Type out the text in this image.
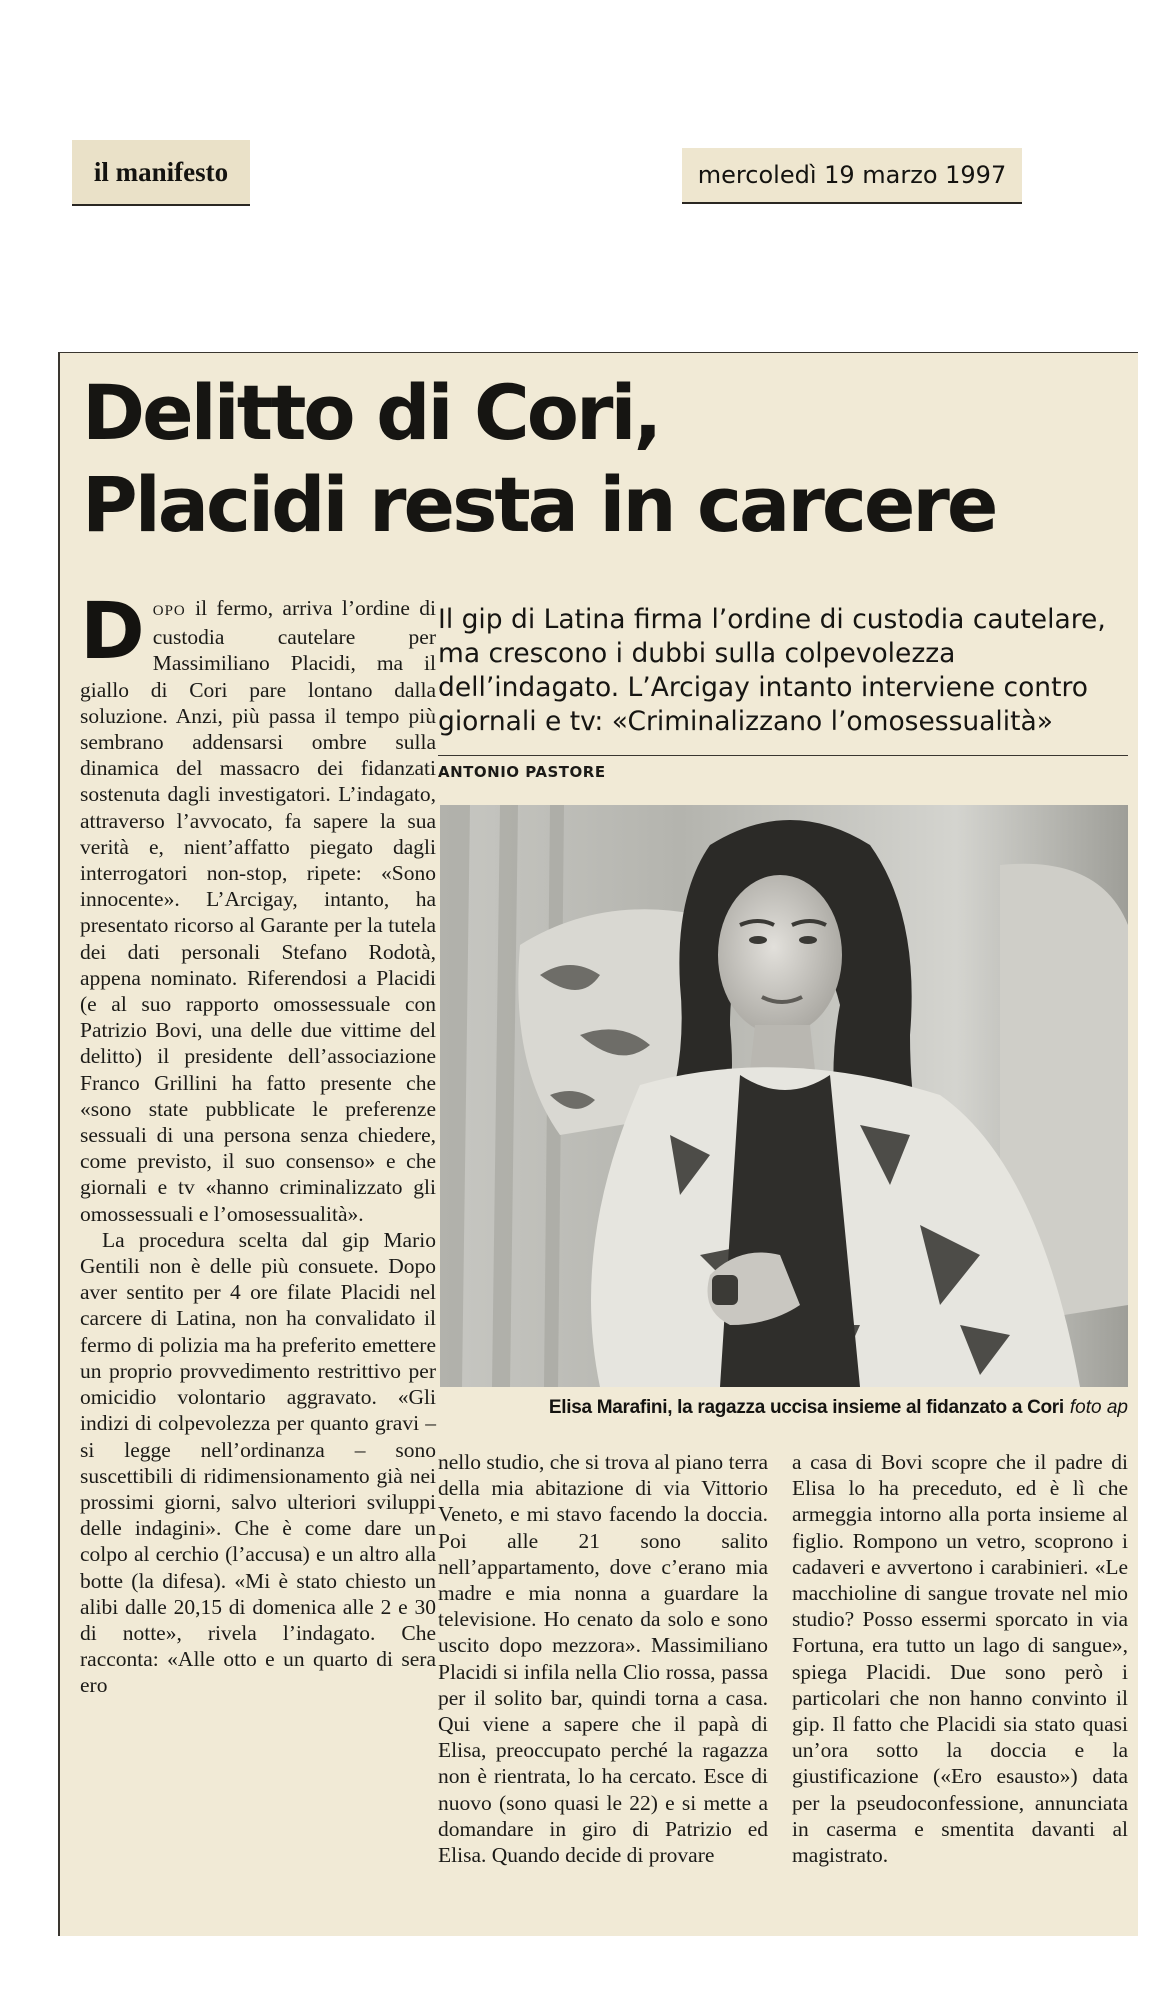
il manifesto	mercoledì 19 marzo 1997
Delitto di Cori,
Placidi resta in carcere

DOPO il fermo, arriva l’ordine di custodia cautelare per Massimiliano Placidi, ma il giallo di Cori pare lontano dalla soluzione. Anzi, più passa il tempo più sembrano addensarsi ombre sulla dinamica del massacro dei fidanzati sostenuta dagli investigatori. L’indagato, attraverso l’avvocato, fa sapere la sua verità e, nient’affatto piegato dagli interrogatori non-stop, ripete: «Sono innocente». L’Arcigay, intanto, ha presentato ricorso al Garante per la tutela dei dati personali Stefano Rodotà, appena nominato. Riferendosi a Placidi (e al suo rapporto omossessuale con Patrizio Bovi, una delle due vittime del delitto) il presidente dell’associazione Franco Grillini ha fatto presente che «sono state pubblicate le preferenze sessuali di una persona senza chiedere, come previsto, il suo consenso» e che giornali e tv «hanno criminalizzato gli omossessuali e l’omosessualità».

La procedura scelta dal gip Mario Gentili non è delle più consuete. Dopo aver sentito per 4 ore filate Placidi nel carcere di Latina, non ha convalidato il fermo di polizia ma ha preferito emettere un proprio provvedimento restrittivo per omicidio volontario aggravato. «Gli indizi di colpevolezza per quanto gravi – si legge nell’ordinanza – sono suscettibili di ridimensionamento già nei prossimi giorni, salvo ulteriori sviluppi delle indagini». Che è come dare un colpo al cerchio (l’accusa) e un altro alla botte (la difesa). «Mi è stato chiesto un alibi dalle 20,15 di domenica alle 2 e 30 di notte», rivela l’indagato. Che racconta: «Alle otto e un quarto di sera ero

Il gip di Latina firma l’ordine di custodia cautelare, ma crescono i dubbi sulla colpevolezza dell’indagato. L’Arcigay intanto interviene contro giornali e tv: «Criminalizzano l’omosessualità»

ANTONIO PASTORE
Elisa Marafini, la ragazza uccisa insieme al fidanzato a Cori foto ap

nello studio, che si trova al piano terra della mia abitazione di via Vittorio Veneto, e mi stavo facendo la doccia. Poi alle 21 sono salito nell’appartamento, dove c’erano mia madre e mia nonna a guardare la televisione. Ho cenato da solo e sono uscito dopo mezzora». Massimiliano Placidi si infila nella Clio rossa, passa per il solito bar, quindi torna a casa. Qui viene a sapere che il papà di Elisa, preoccupato perché la ragazza non è rientrata, lo ha cercato. Esce di nuovo (sono quasi le 22) e si mette a domandare in giro di Patrizio ed Elisa. Quando decide di provare

a casa di Bovi scopre che il padre di Elisa lo ha preceduto, ed è lì che armeggia intorno alla porta insieme al figlio. Rompono un vetro, scoprono i cadaveri e avvertono i carabinieri. «Le macchioline di sangue trovate nel mio studio? Posso essermi sporcato in via Fortuna, era tutto un lago di sangue», spiega Placidi. Due sono però i particolari che non hanno convinto il gip. Il fatto che Placidi sia stato quasi un’ora sotto la doccia e la giustificazione («Ero esausto») data per la pseudoconfessione, annunciata in caserma e smentita davanti al magistrato.
